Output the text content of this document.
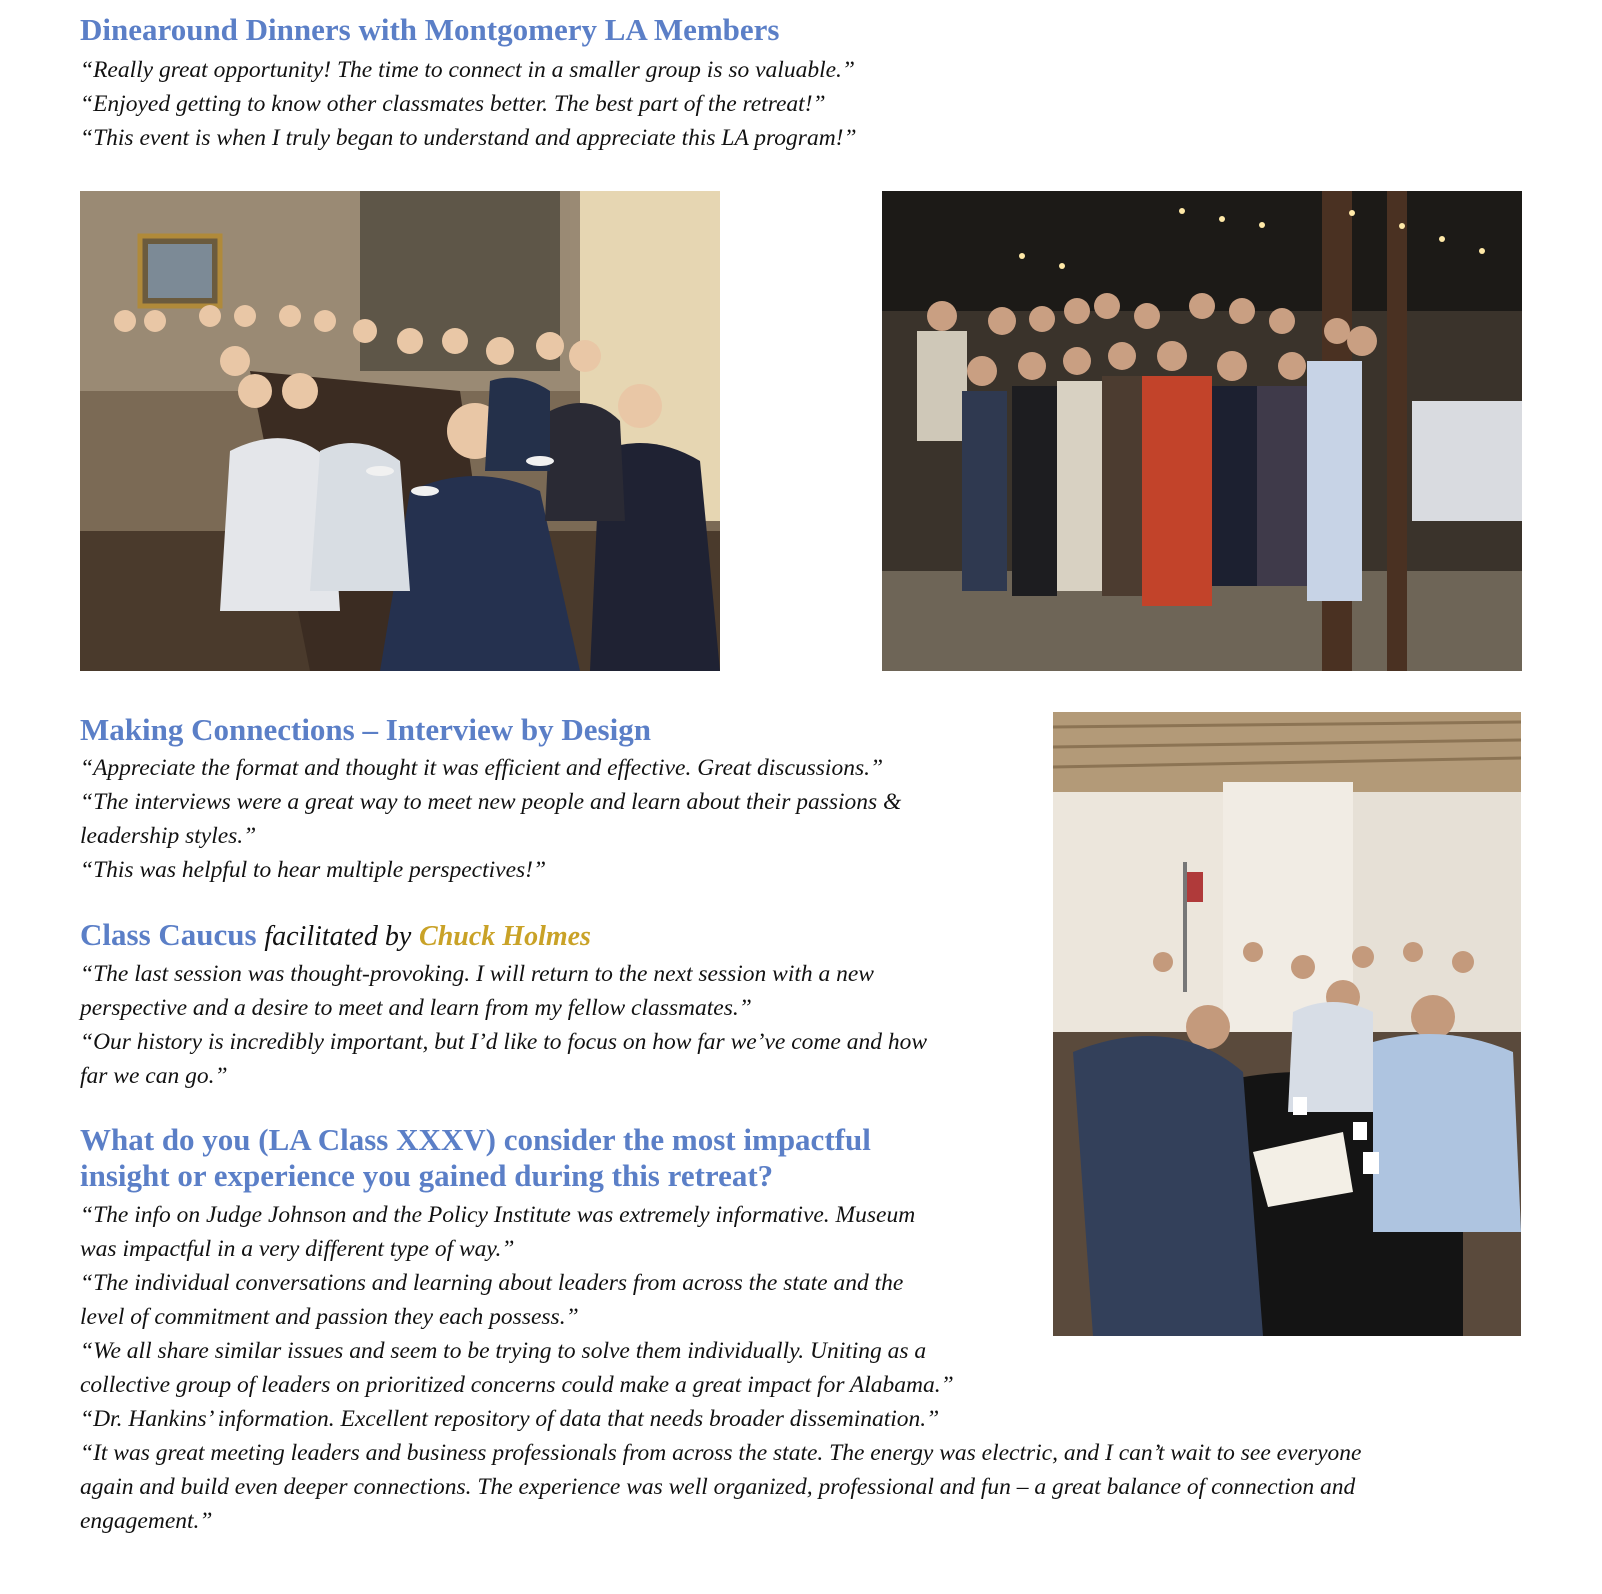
Dinearound Dinners with Montgomery LA Members
“Really great opportunity! The time to connect in a smaller group is so valuable.”
“Enjoyed getting to know other classmates better. The best part of the retreat!”
“This event is when I truly began to understand and appreciate this LA program!”
Making Connections – Interview by Design
“Appreciate the format and thought it was efficient and effective. Great discussions.”
“The interviews were a great way to meet new people and learn about their passions &
leadership styles.”
“This was helpful to hear multiple perspectives!”
Class Caucus facilitated by Chuck Holmes
“The last session was thought-provoking. I will return to the next session with a new
perspective and a desire to meet and learn from my fellow classmates.”
“Our history is incredibly important, but I’d like to focus on how far we’ve come and how
far we can go.”
What do you (LA Class XXXV) consider the most impactful
insight or experience you gained during this retreat?
“The info on Judge Johnson and the Policy Institute was extremely informative. Museum
was impactful in a very different type of way.”
“The individual conversations and learning about leaders from across the state and the
level of commitment and passion they each possess.”
“We all share similar issues and seem to be trying to solve them individually. Uniting as a
collective group of leaders on prioritized concerns could make a great impact for Alabama.”
“Dr. Hankins’ information. Excellent repository of data that needs broader dissemination.”
“It was great meeting leaders and business professionals from across the state. The energy was electric, and I can’t wait to see everyone
again and build even deeper connections. The experience was well organized, professional and fun – a great balance of connection and
engagement.”
